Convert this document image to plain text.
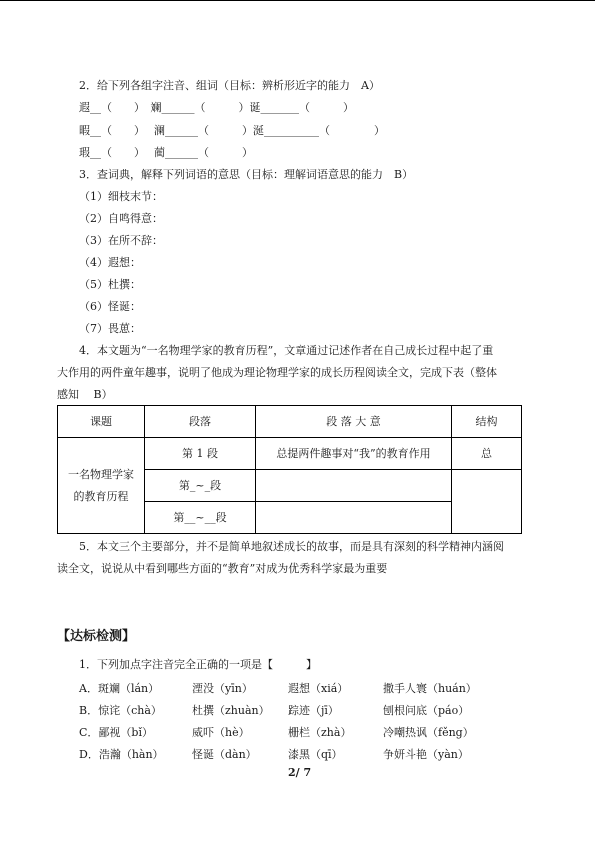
2．给下列各组字注音、组词（目标：辨析形近字的能力　A）
遐__（　　）　斓______（　　　）诞_______（　　　）
暇__（　　）　 澜______（　　　）涎__________（　　　　）
瑕__（　　）　 蔺______（　　　）
3．查词典，解释下列词语的意思（目标：理解词语意思的能力　B）
（1）细枝末节：
（2）自鸣得意：
（3）在所不辞：
（4）遐想：
（5）杜撰：
（6）怪诞：
（7）畏葸：
4．本文题为“一名物理学家的教育历程”，文章通过记述作者在自己成长过程中起了重
大作用的两件童年趣事，说明了他成为理论物理学家的成长历程阅读全文，完成下表（整体
感知　 B）
课题	段落	段 落 大 意	结构
一名物理学家的教育历程	第 1 段	总提两件趣事对“我”的教育作用	总
	第_~_段		
	第__~__段		
5．本文三个主要部分，并不是简单地叙述成长的故事，而是具有深刻的科学精神内涵阅
读全文，说说从中看到哪些方面的“教育”对成为优秀科学家最为重要
【达标检测】
1．下列加点字注音完全正确的一项是【　　　】
A．斑斓（lán）	湮没（yīn）	遐想（xiá）	撒手人寰（huán）
B．惊诧（chà）	杜撰（zhuàn） 踪迹（jī）	刨根问底（páo）
C．鄙视（bǐ）	威吓（hè）	栅栏（zhà）	冷嘲热讽（fěng）
D．浩瀚（hàn）	怪诞（dàn）	漆黑（qī）	争妍斗艳（yàn）
2/ 7
